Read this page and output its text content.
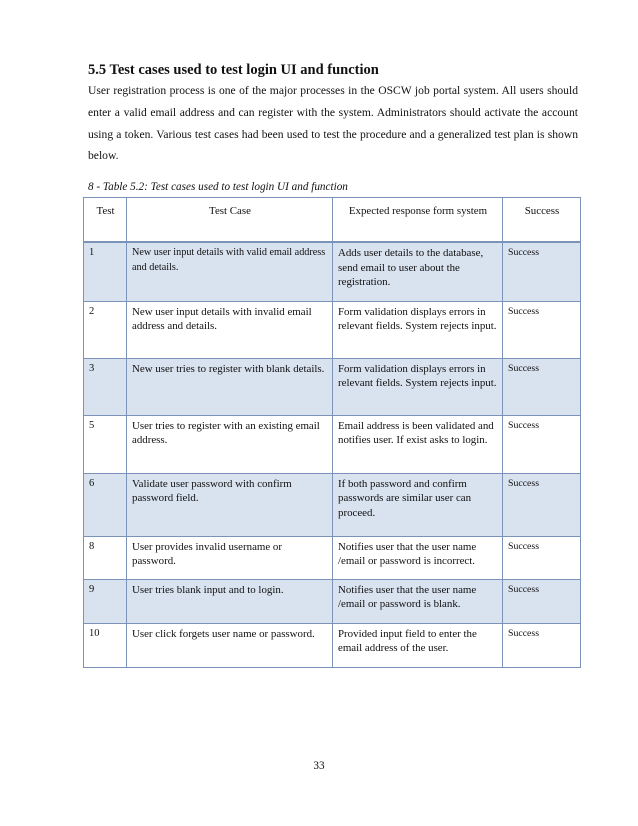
5.5 Test cases used to test login UI and function
User registration process is one of the major processes in the OSCW job portal system. All users should enter a valid email address and can register with the system. Administrators should activate the account using a token. Various test cases had been used to test the procedure and a generalized test plan is shown below.
8 - Table 5.2: Test cases used to test login UI and function
Test	Test Case	Expected response form system	Success
1	New user input details with valid email address and details.	Adds user details to the database, send email to user about the registration.	Success
2	New user input details with invalid email address and details.	Form validation displays errors in relevant fields. System rejects input.	Success
3	New user tries to register with blank details.	Form validation displays errors in relevant fields. System rejects input.	Success
5	User tries to register with an existing email address.	Email address is been validated and notifies user. If exist asks to login.	Success
6	Validate user password with confirm password field.	If both password and confirm passwords are similar user can proceed.	Success
8	User provides invalid username or password.	Notifies user that the user name /email or password is incorrect.	Success
9	User tries blank input and to login.	Notifies user that the user name /email or password is blank.	Success
10	User click forgets user name or password.	Provided input field to enter the email address of the user.	Success
33
